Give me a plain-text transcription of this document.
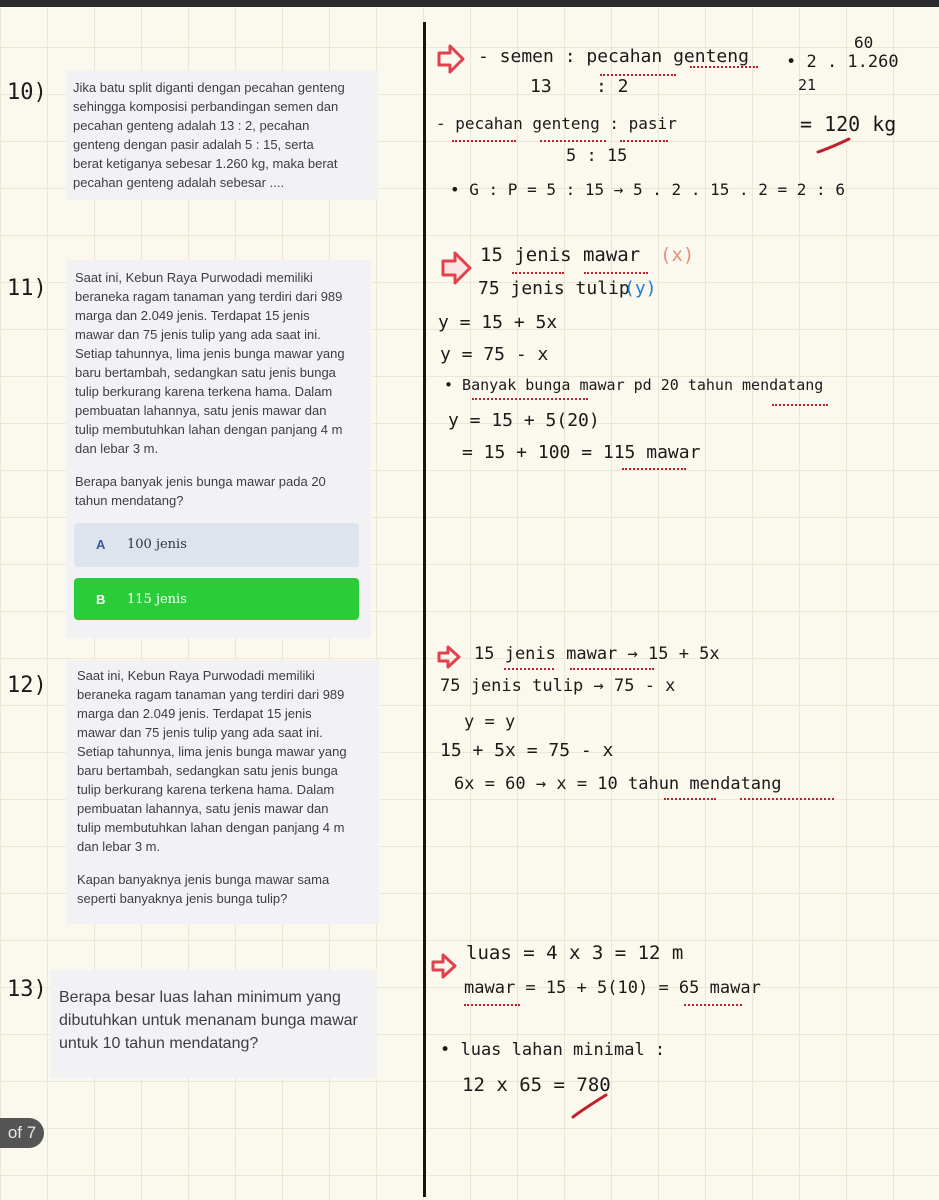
10)
11)
12)
13)

Jika batu split diganti dengan pecahan genteng

sehingga komposisi perbandingan semen dan

pecahan genteng adalah 13 : 2, pecahan

genteng dengan pasir adalah 5 : 15, serta

berat ketiganya sebesar 1.260 kg, maka berat

pecahan genteng adalah sebesar ....

Saat ini, Kebun Raya Purwodadi memiliki

beraneka ragam tanaman yang terdiri dari 989

marga dan 2.049 jenis. Terdapat 15 jenis

mawar dan 75 jenis tulip yang ada saat ini.

Setiap tahunnya, lima jenis bunga mawar yang

baru bertambah, sedangkan satu jenis bunga

tulip berkurang karena terkena hama. Dalam

pembuatan lahannya, satu jenis mawar dan

tulip membutuhkan lahan dengan panjang 4 m

dan lebar 3 m.

Berapa banyak jenis bunga mawar pada 20

tahun mendatang?

A 100 jenis
B 115 jenis

Saat ini, Kebun Raya Purwodadi memiliki

beraneka ragam tanaman yang terdiri dari 989

marga dan 2.049 jenis. Terdapat 15 jenis

mawar dan 75 jenis tulip yang ada saat ini.

Setiap tahunnya, lima jenis bunga mawar yang

baru bertambah, sedangkan satu jenis bunga

tulip berkurang karena terkena hama. Dalam

pembuatan lahannya, satu jenis mawar dan

tulip membutuhkan lahan dengan panjang 4 m

dan lebar 3 m.

Kapan banyaknya jenis bunga mawar sama

seperti banyaknya jenis bunga tulip?

Berapa besar luas lahan minimum yang

dibutuhkan untuk menanam bunga mawar

untuk 10 tahun mendatang?

- semen : pecahan genteng
13 : 2
60
• 2 . 1.260
21
= 120 kg
- pecahan genteng : pasir
5 : 15
• G : P = 5 : 15 → 5 . 2 . 15 . 2 = 2 : 6
15 jenis mawar (x)
75 jenis tulip
(y)
y = 15 + 5x
y = 75 - x
• Banyak bunga mawar pd 20 tahun mendatang
y = 15 + 5(20)
= 15 + 100 = 115 mawar
15 jenis mawar → 15 + 5x
75 jenis tulip → 75 - x
y = y
15 + 5x = 75 - x
6x = 60 → x = 10 tahun mendatang
luas = 4 x 3 = 12 m
mawar = 15 + 5(10) = 65 mawar
• luas lahan minimal :
12 x 65 = 780
of 7
